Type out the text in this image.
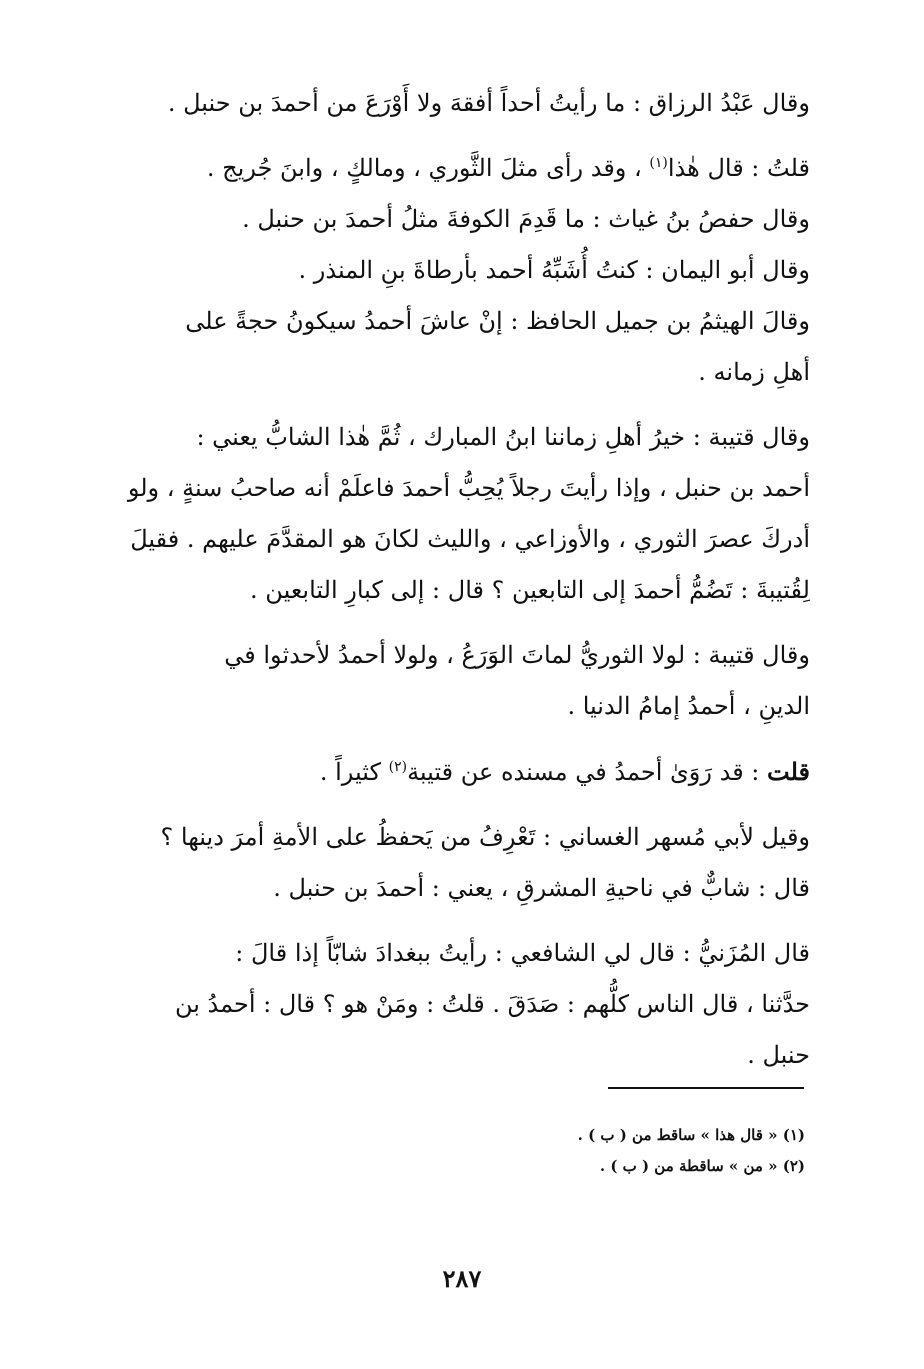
وقال عَبْدُ الرزاق : ما رأيتُ أحداً أفقهَ ولا أَوْرَعَ من أحمدَ بن حنبل .
قلتُ : قال هٰذا$^{(١)}$ ، وقد رأى مثلَ الثَّوري ، ومالكٍ ، وابنَ جُريج .
وقال حفصُ بنُ غياث : ما قَدِمَ الكوفةَ مثلُ أحمدَ بن حنبل .
وقال أبو اليمان : كنتُ أُشَبِّهُ أحمد بأرطاةَ بنِ المنذر .
وقالَ الهيثمُ بن جميل الحافظ : إنْ عاشَ أحمدُ سيكونُ حجةً على
أهلِ زمانه .
وقال قتيبة : خيرُ أهلِ زماننا ابنُ المبارك ، ثُمَّ هٰذا الشابُّ يعني :
أحمد بن حنبل ، وإذا رأيتَ رجلاً يُحِبُّ أحمدَ فاعلَمْ أنه صاحبُ سنةٍ ، ولو
أدركَ عصرَ الثوري ، والأوزاعي ، والليث لكانَ هو المقدَّمَ عليهم . فقيلَ
لِقُتيبةَ : تَضُمُّ أحمدَ إلى التابعين ؟ قال : إلى كبارِ التابعين .
وقال قتيبة : لولا الثوريُّ لماتَ الوَرَعُ ، ولولا أحمدُ لأحدثوا في
الدينِ ، أحمدُ إمامُ الدنيا .
قلت : قد رَوَىٰ أحمدُ في مسنده عن قتيبة$^{(٢)}$ كثيراً .
وقيل لأبي مُسهر الغساني : تَعْرِفُ من يَحفظُ على الأمةِ أمرَ دينها ؟
قال : شابٌّ في ناحيةِ المشرقِ ، يعني : أحمدَ بن حنبل .
قال المُزَنيُّ : قال لي الشافعي : رأيتُ ببغدادَ شابّاً إذا قالَ :
حدَّثنا ، قال الناس كلُّهم : صَدَقَ . قلتُ : ومَنْ هو ؟ قال : أحمدُ بن
حنبل .
(١) « قال هذا » ساقط من ( ب ) .
(٢) « من » ساقطة من ( ب ) .
٢٨٧
